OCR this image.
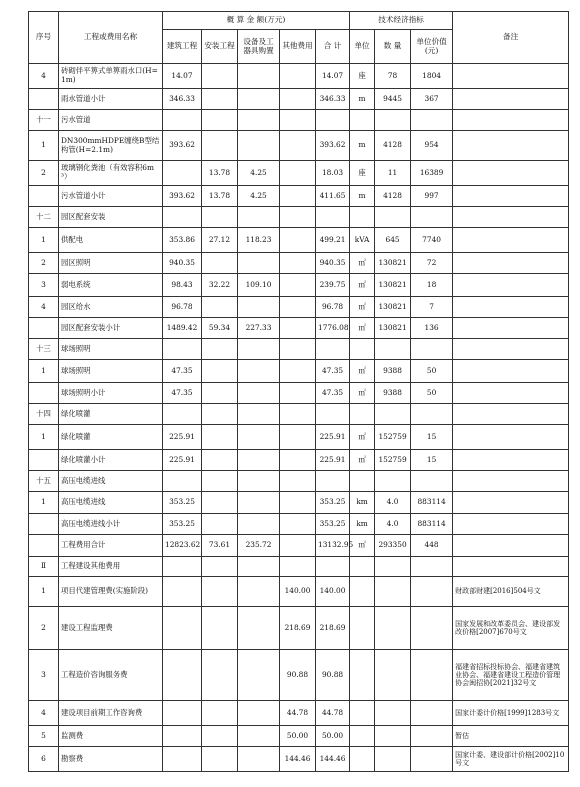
序号	工程或费用名称	概 算 金 额(万元)					技术经济指标			备注
		建筑工程	安装工程	设备及工器具购置	其他费用	合 计	单位	数 量	单位价值(元)	
4	砖砌伴平箅式单箅雨水口(H=1m)	14.07				14.07	座	78	1804	
	雨水管道小计	346.33				346.33	m	9445	367	
十一	污水管道									
1	DN300mmHDPE缠绕B型结构管(H=2.1m)	393.62				393.62	m	4128	954	
2	玻璃钢化粪池（有效容积6m³）		13.78	4.25		18.03	座	11	16389	
	污水管道小计	393.62	13.78	4.25		411.65	m	4128	997	
十二	园区配套安装									
1	供配电	353.86	27.12	118.23		499.21	kVA	645	7740	
2	园区照明	940.35				940.35	㎡	130821	72	
3	弱电系统	98.43	32.22	109.10		239.75	㎡	130821	18	
4	园区给水	96.78				96.78	㎡	130821	7	
	园区配套安装小计	1489.42	59.34	227.33		1776.08	㎡	130821	136	
十三	球场照明									
1	球场照明	47.35				47.35	㎡	9388	50	
	球场照明小计	47.35				47.35	㎡	9388	50	
十四	绿化喷灌									
1	绿化喷灌	225.91				225.91	㎡	152759	15	
	绿化喷灌小计	225.91				225.91	㎡	152759	15	
十五	高压电缆进线									
1	高压电缆进线	353.25				353.25	km	4.0	883114	
	高压电缆进线小计	353.25				353.25	km	4.0	883114	
	工程费用合计	12823.62	73.61	235.72		13132.95	㎡	293350	448	
Ⅱ	工程建设其他费用									
1	项目代建管理费(实施阶段)				140.00	140.00				财政部财建[2016]504号文
2	建设工程监理费				218.69	218.69				国家发展和改革委员会、建设部发改价格[2007]670号文
3	工程造价咨询服务费				90.88	90.88				福建省招标投标协会、福建省建筑业协会、福建省建设工程造价管理协会闽招协[2021]32号文
4	建设项目前期工作咨询费				44.78	44.78				国家计委计价格[1999]1283号文
5	监测费				50.00	50.00				暂估
6	勘察费				144.46	144.46				国家计委、建设部计价格[2002]10号文
